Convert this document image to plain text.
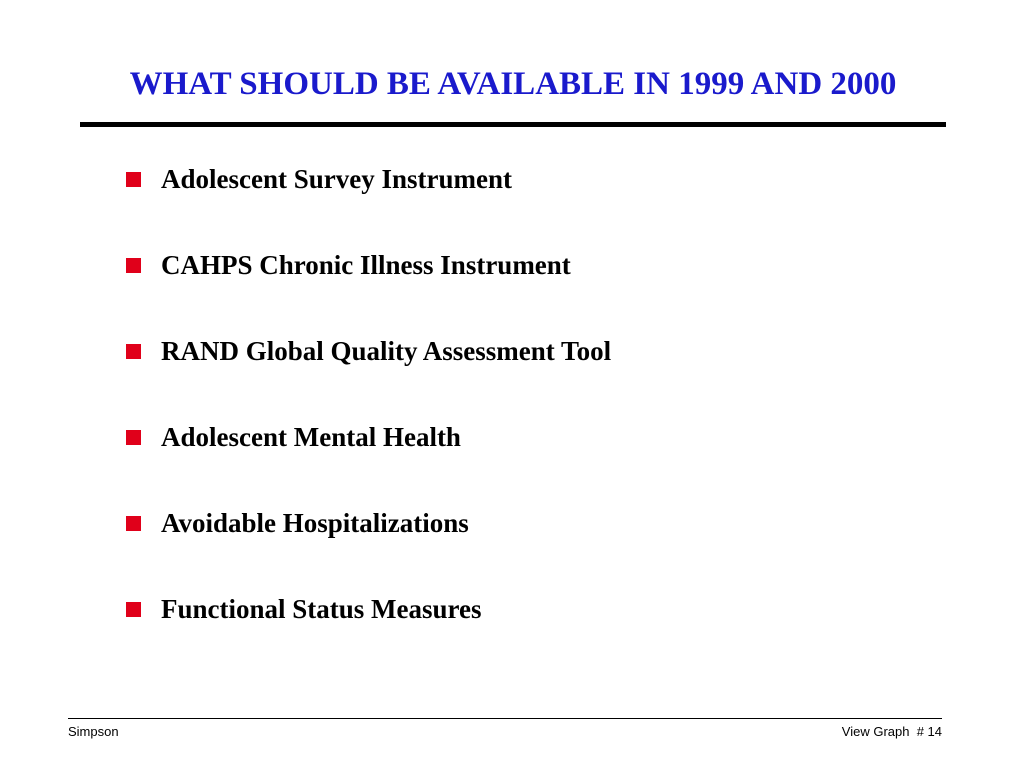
WHAT SHOULD BE AVAILABLE IN 1999 AND 2000
Adolescent Survey Instrument
CAHPS Chronic Illness Instrument
RAND Global Quality Assessment Tool
Adolescent Mental Health
Avoidable Hospitalizations
Functional Status Measures
Simpson	View Graph  # 14
